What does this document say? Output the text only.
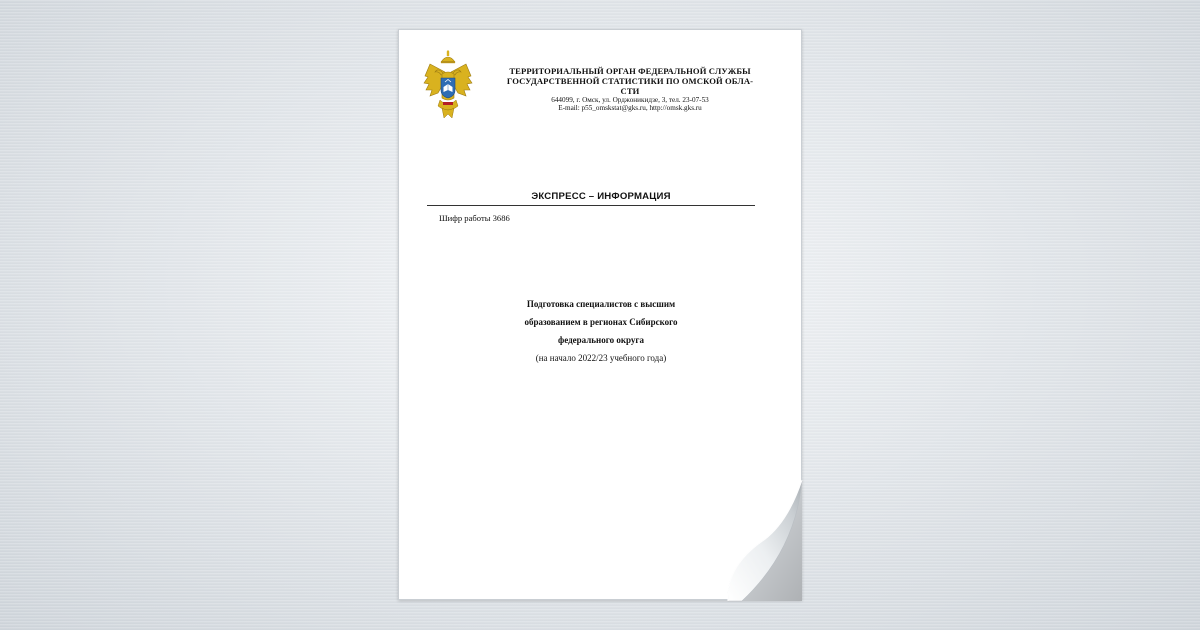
ТЕРРИТОРИАЛЬНЫЙ ОРГАН ФЕДЕРАЛЬНОЙ СЛУЖБЫ
ГОСУДАРСТВЕННОЙ СТАТИСТИКИ ПО ОМСКОЙ ОБЛА-
СТИ
644099, г. Омск, ул. Орджоникидзе, 3, тел. 23-07-53
E-mail: p55_omskstat@gks.ru, http://omsk.gks.ru
ЭКСПРЕСС – ИНФОРМАЦИЯ
Шифр работы 3686
Подготовка специалистов с высшим
образованием в регионах Сибирского
федерального округа
(на начало 2022/23 учебного года)
